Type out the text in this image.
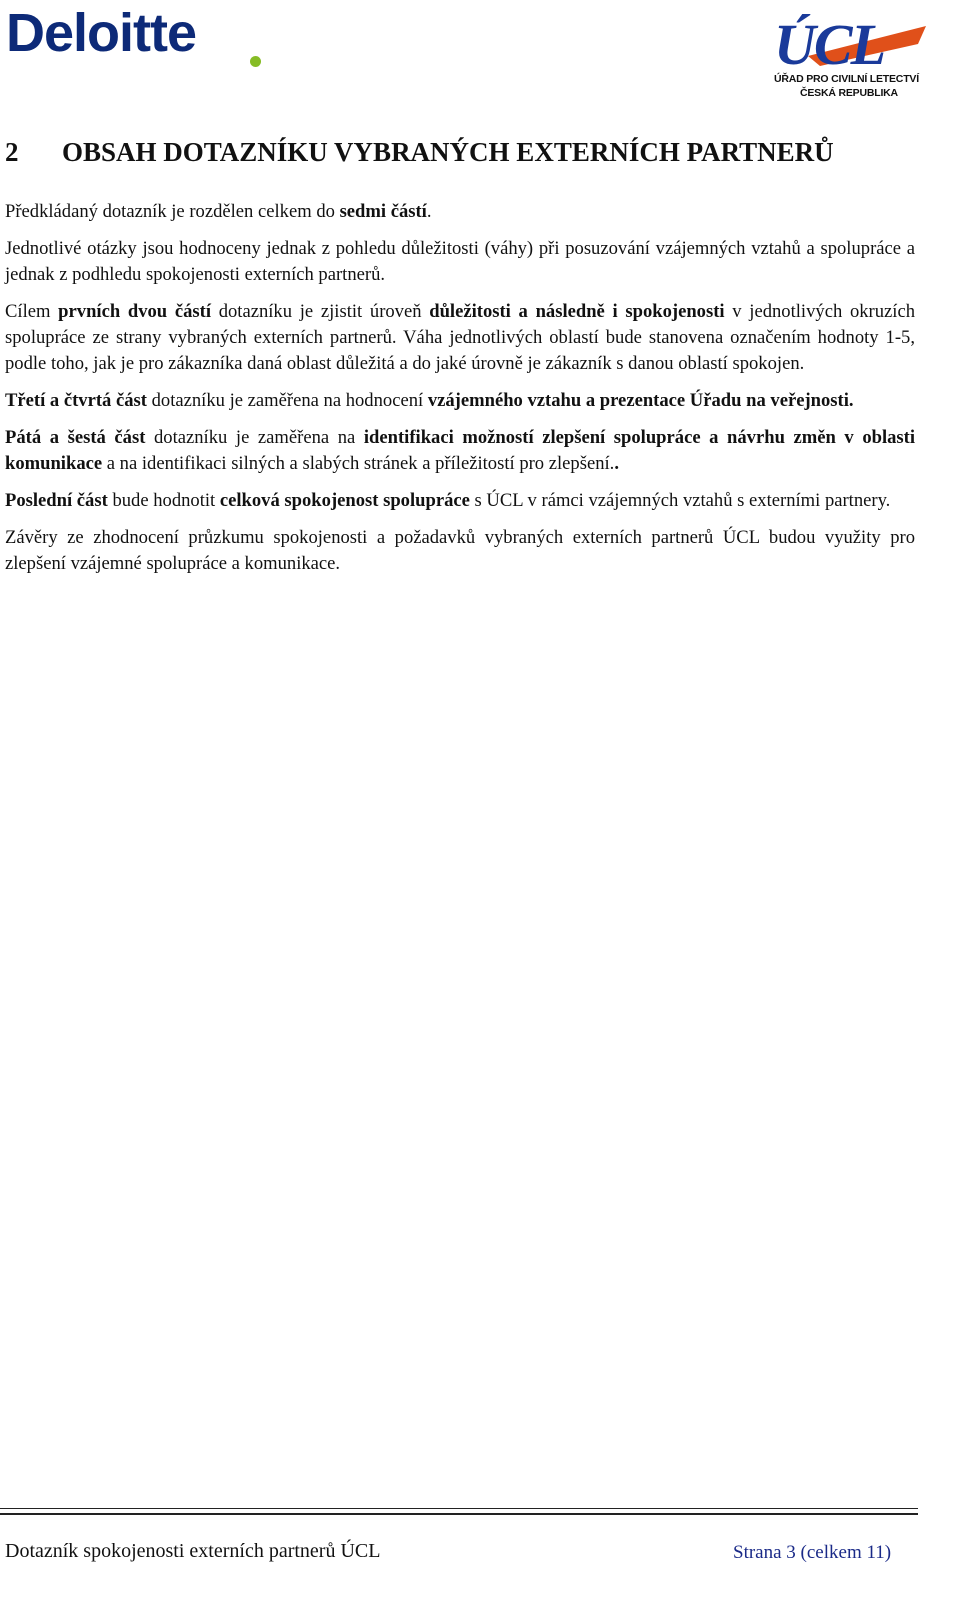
Deloitte	ÚCL
ÚŘAD PRO CIVILNÍ LETECTVÍ
ČESKÁ REPUBLIKA
2 OBSAH DOTAZNÍKU VYBRANÝCH EXTERNÍCH PARTNERŮ

Předkládaný dotazník je rozdělen celkem do sedmi částí.

Jednotlivé otázky jsou hodnoceny jednak z pohledu důležitosti (váhy) při posuzování vzájemných vztahů a spolupráce a jednak z podhledu spokojenosti externích partnerů.

Cílem prvních dvou částí dotazníku je zjistit úroveň důležitosti a následně i spokojenosti v jednotlivých okruzích spolupráce ze strany vybraných externích partnerů. Váha jednotlivých oblastí bude stanovena označením hodnoty 1-5, podle toho, jak je pro zákazníka daná oblast důležitá a do jaké úrovně je zákazník s danou oblastí spokojen.

Třetí a čtvrtá část dotazníku je zaměřena na hodnocení vzájemného vztahu a prezentace Úřadu na veřejnosti.

Pátá a šestá část dotazníku je zaměřena na identifikaci možností zlepšení spolupráce a návrhu změn v oblasti komunikace a na identifikaci silných a slabých stránek a příležitostí pro zlepšení..

Poslední část bude hodnotit celková spokojenost spolupráce s ÚCL v rámci vzájemných vztahů s externími partnery.

Závěry ze zhodnocení průzkumu spokojenosti a požadavků vybraných externích partnerů ÚCL budou využity pro zlepšení vzájemné spolupráce a komunikace.

Dotazník spokojenosti externích partnerů ÚCL	Strana 3 (celkem 11)
